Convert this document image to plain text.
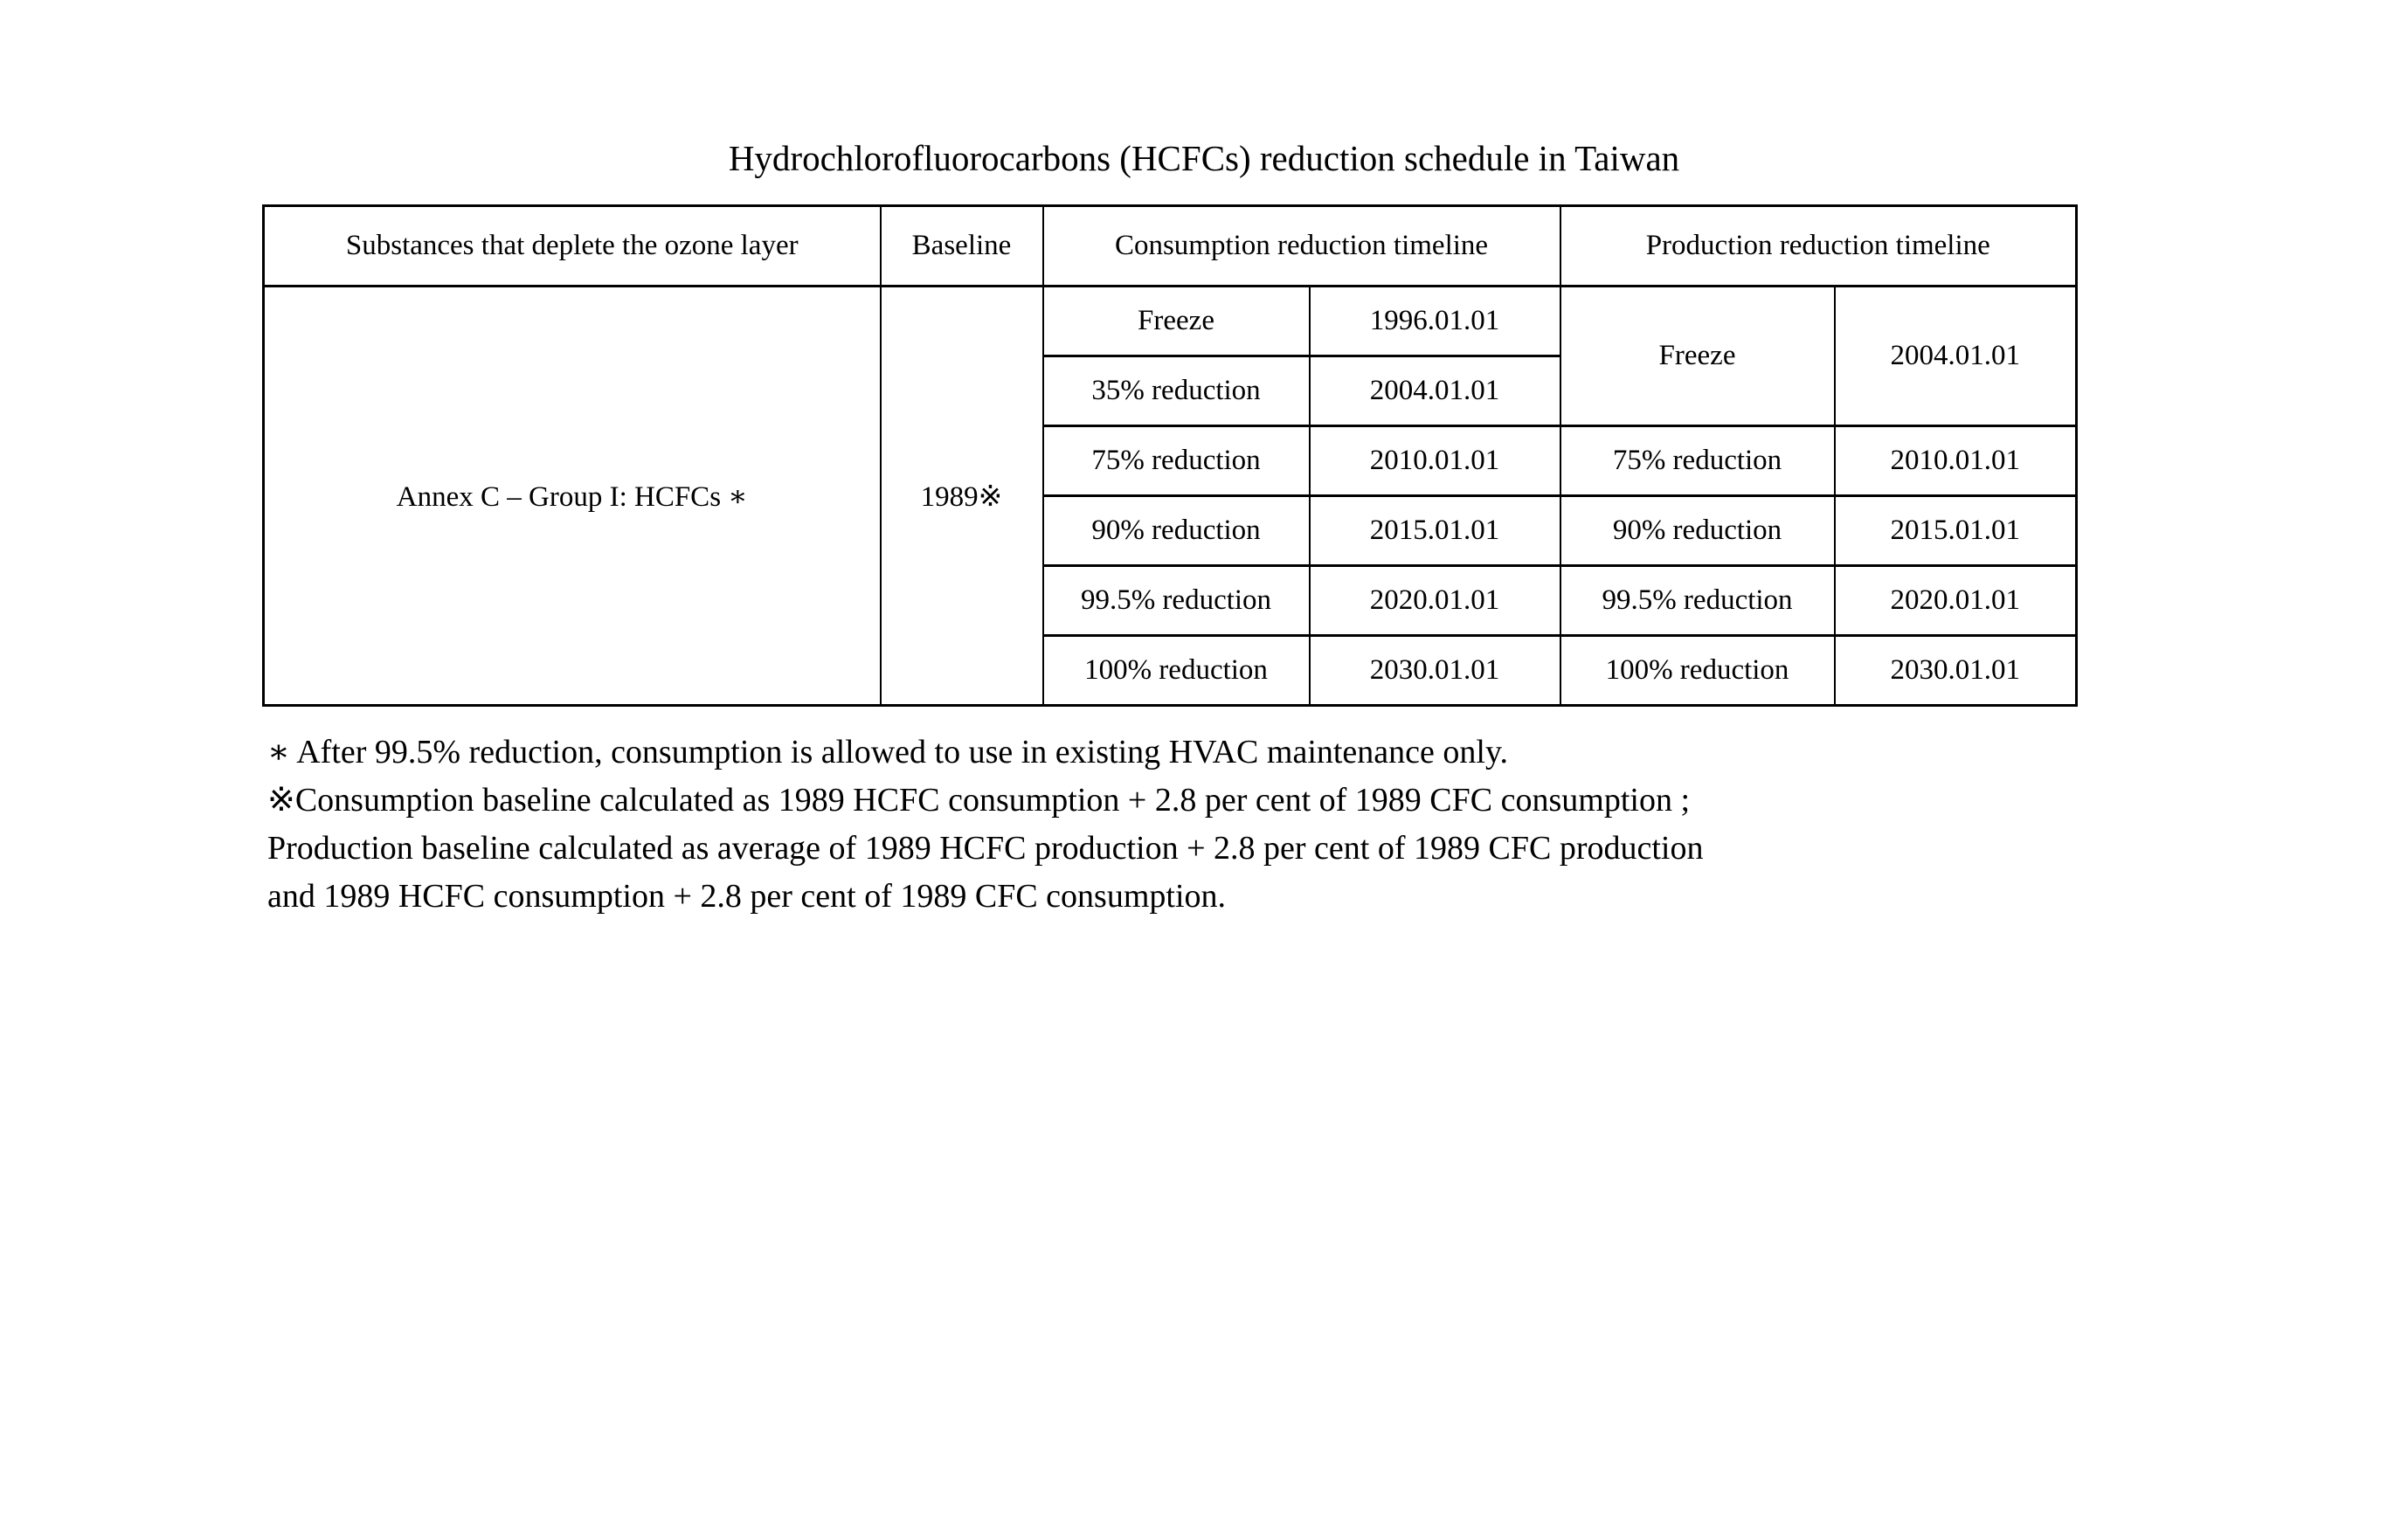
Hydrochlorofluorocarbons (HCFCs) reduction schedule in Taiwan
Substances that deplete the ozone layer	Baseline	Consumption reduction timeline		Production reduction timeline	
Annex C – Group I: HCFCs ∗	1989※	Freeze	1996.01.01	Freeze	2004.01.01
		35% reduction	2004.01.01		
		75% reduction	2010.01.01	75% reduction	2010.01.01
		90% reduction	2015.01.01	90% reduction	2015.01.01
		99.5% reduction	2020.01.01	99.5% reduction	2020.01.01
		100% reduction	2030.01.01	100% reduction	2030.01.01
∗ After 99.5% reduction, consumption is allowed to use in existing HVAC maintenance only.
※Consumption baseline calculated as 1989 HCFC consumption + 2.8 per cent of 1989 CFC consumption ;
Production baseline calculated as average of 1989 HCFC production + 2.8 per cent of 1989 CFC production
and 1989 HCFC consumption + 2.8 per cent of 1989 CFC consumption.
